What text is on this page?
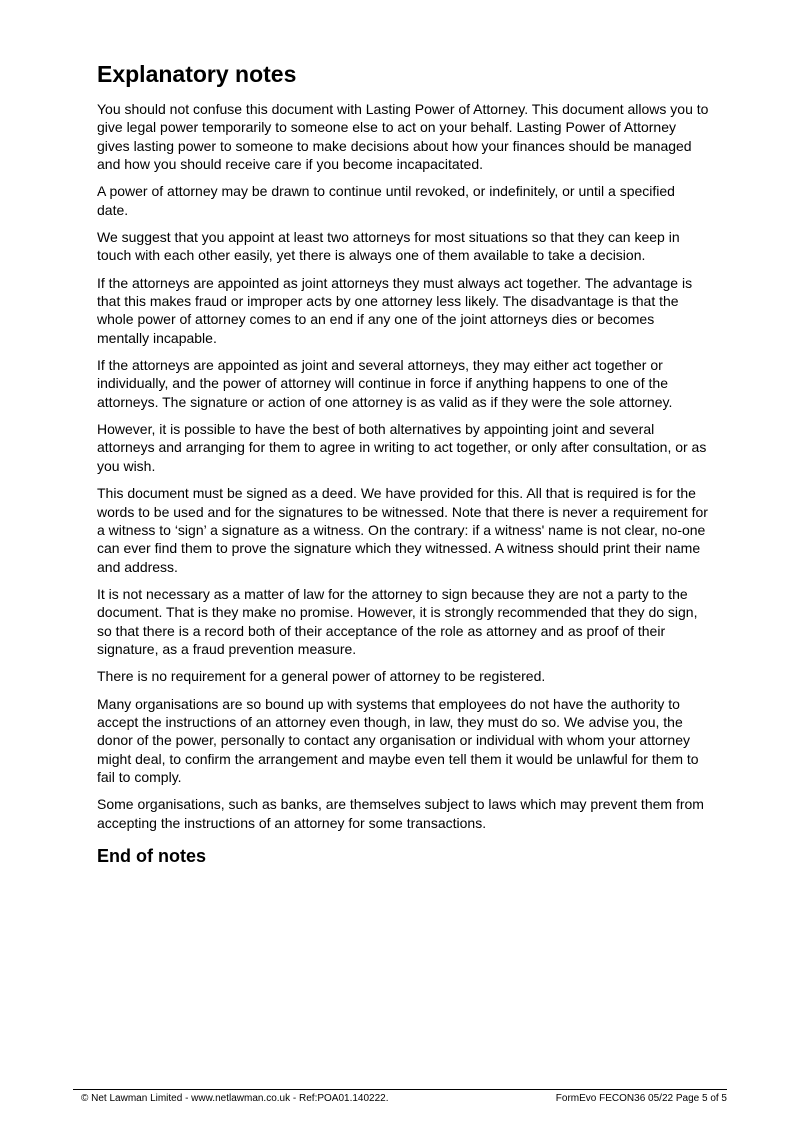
Explanatory notes

You should not confuse this document with Lasting Power of Attorney. This document allows you to give legal power temporarily to someone else to act on your behalf. Lasting Power of Attorney gives lasting power to someone to make decisions about how your finances should be managed and how you should receive care if you become incapacitated.

A power of attorney may be drawn to continue until revoked, or indefinitely, or until a specified date.

We suggest that you appoint at least two attorneys for most situations so that they can keep in touch with each other easily, yet there is always one of them available to take a decision.

If the attorneys are appointed as joint attorneys they must always act together. The advantage is that this makes fraud or improper acts by one attorney less likely. The disadvantage is that the whole power of attorney comes to an end if any one of the joint attorneys dies or becomes mentally incapable.

If the attorneys are appointed as joint and several attorneys, they may either act together or individually, and the power of attorney will continue in force if anything happens to one of the attorneys. The signature or action of one attorney is as valid as if they were the sole attorney.

However, it is possible to have the best of both alternatives by appointing joint and several attorneys and arranging for them to agree in writing to act together, or only after consultation, or as you wish.

This document must be signed as a deed. We have provided for this. All that is required is for the words to be used and for the signatures to be witnessed. Note that there is never a requirement for a witness to ‘sign’ a signature as a witness. On the contrary: if a witness' name is not clear, no-one can ever find them to prove the signature which they witnessed. A witness should print their name and address.

It is not necessary as a matter of law for the attorney to sign because they are not a party to the document. That is they make no promise. However, it is strongly recommended that they do sign, so that there is a record both of their acceptance of the role as attorney and as proof of their signature, as a fraud prevention measure.

There is no requirement for a general power of attorney to be registered.

Many organisations are so bound up with systems that employees do not have the authority to accept the instructions of an attorney even though, in law, they must do so. We advise you, the donor of the power, personally to contact any organisation or individual with whom your attorney might deal, to confirm the arrangement and maybe even tell them it would be unlawful for them to fail to comply.

Some organisations, such as banks, are themselves subject to laws which may prevent them from accepting the instructions of an attorney for some transactions.

End of notes
© Net Lawman Limited - www.netlawman.co.uk - Ref:POA01.140222.	FormEvo FECON36 05/22 Page 5 of 5
